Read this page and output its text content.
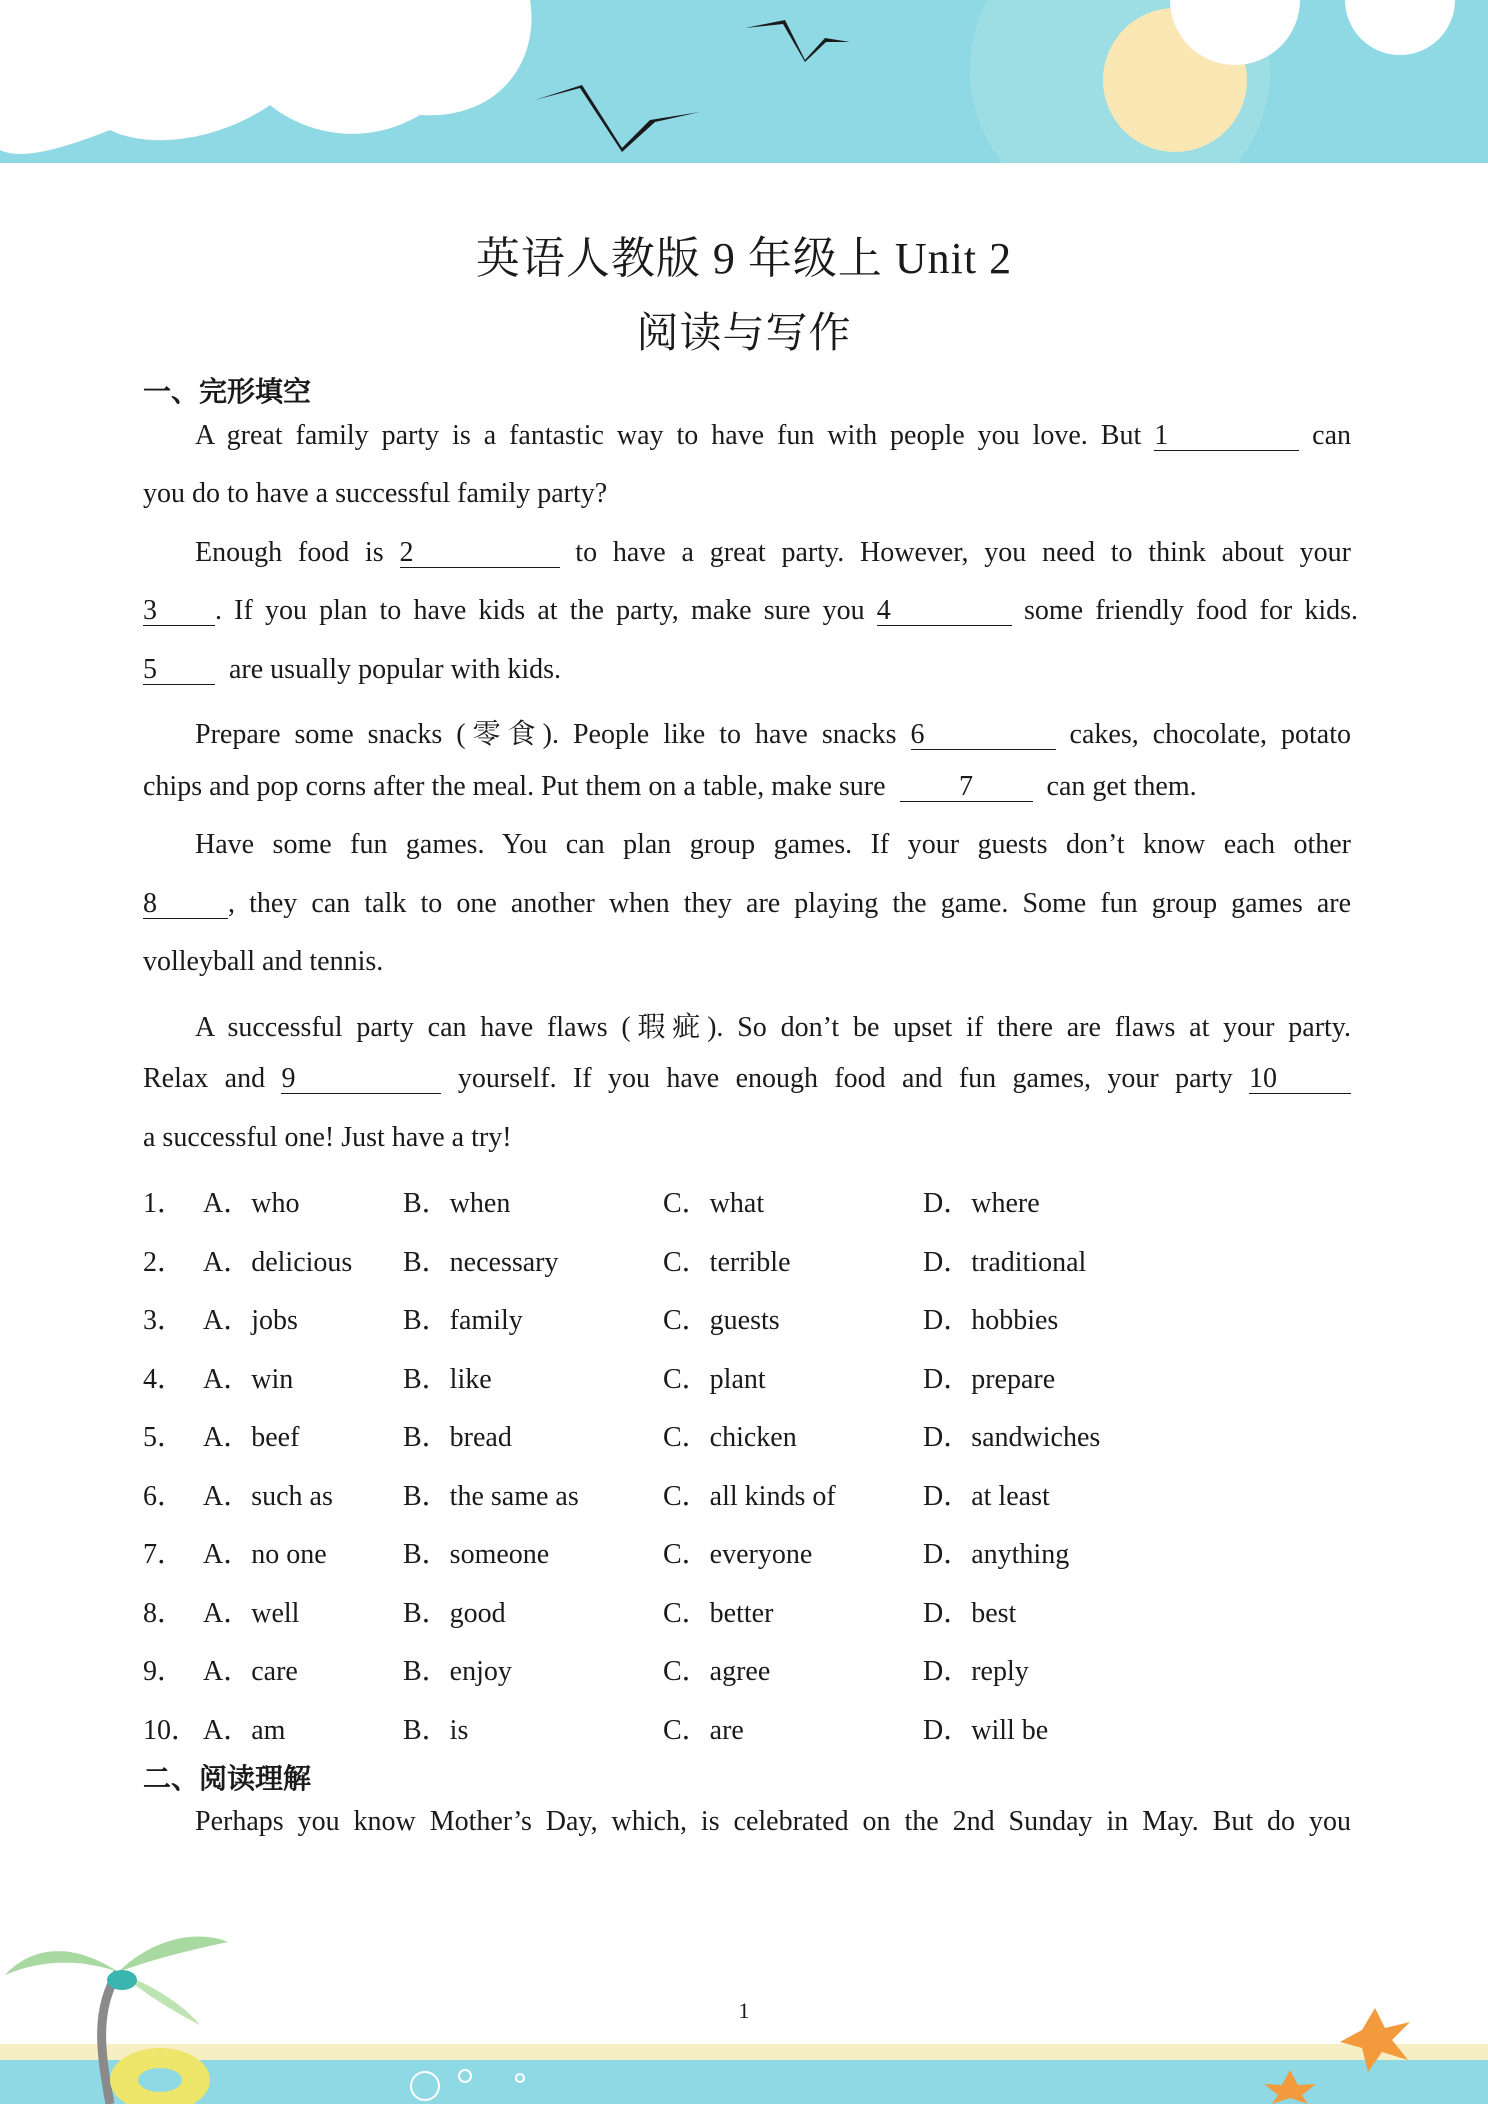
英语人教版 9 年级上 Unit 2
阅读与写作
一、完形填空
A great family party is a fantastic way to have fun with people you love. But 1	can
you do to have a successful family party?
Enough food is 2	to have a great party. However, you need to think about your
3 . If you plan to have kids at the party, make sure you 4	some friendly food for kids.
5	are usually popular with kids.
Prepare some snacks (零食). People like to have snacks 6	cakes, chocolate, potato
chips and pop corns after the meal. Put them on a table, make sure	7	can get them.
Have some fun games. You can plan group games. If your guests don’t know each other
8	, they can talk to one another when they are playing the game. Some fun group games are
volleyball and tennis.
A successful party can have flaws (瑕疵). So don’t be upset if there are flaws at your party.
Relax and 9	yourself. If you have enough food and fun games, your party 10
a successful one! Just have a try!
1． A．who	B．when	C．what	D．where
2． A．delicious B．necessary	C．terrible	D．traditional
3． A．jobs	B．family	C．guests	D．hobbies
4． A．win	B．like	C．plant	D．prepare
5． A．beef	B．bread	C．chicken	D．sandwiches
6． A．such as	B．the same as	C．all kinds of	D．at least
7． A．no one	B．someone	C．everyone	D．anything
8． A．well	B．good	C．better	D．best
9． A．care	B．enjoy	C．agree	D．reply
10． A．am	B．is	C．are	D．will be
二、阅读理解
Perhaps you know Mother’s Day, which, is celebrated on the 2nd Sunday in May. But do you
1
